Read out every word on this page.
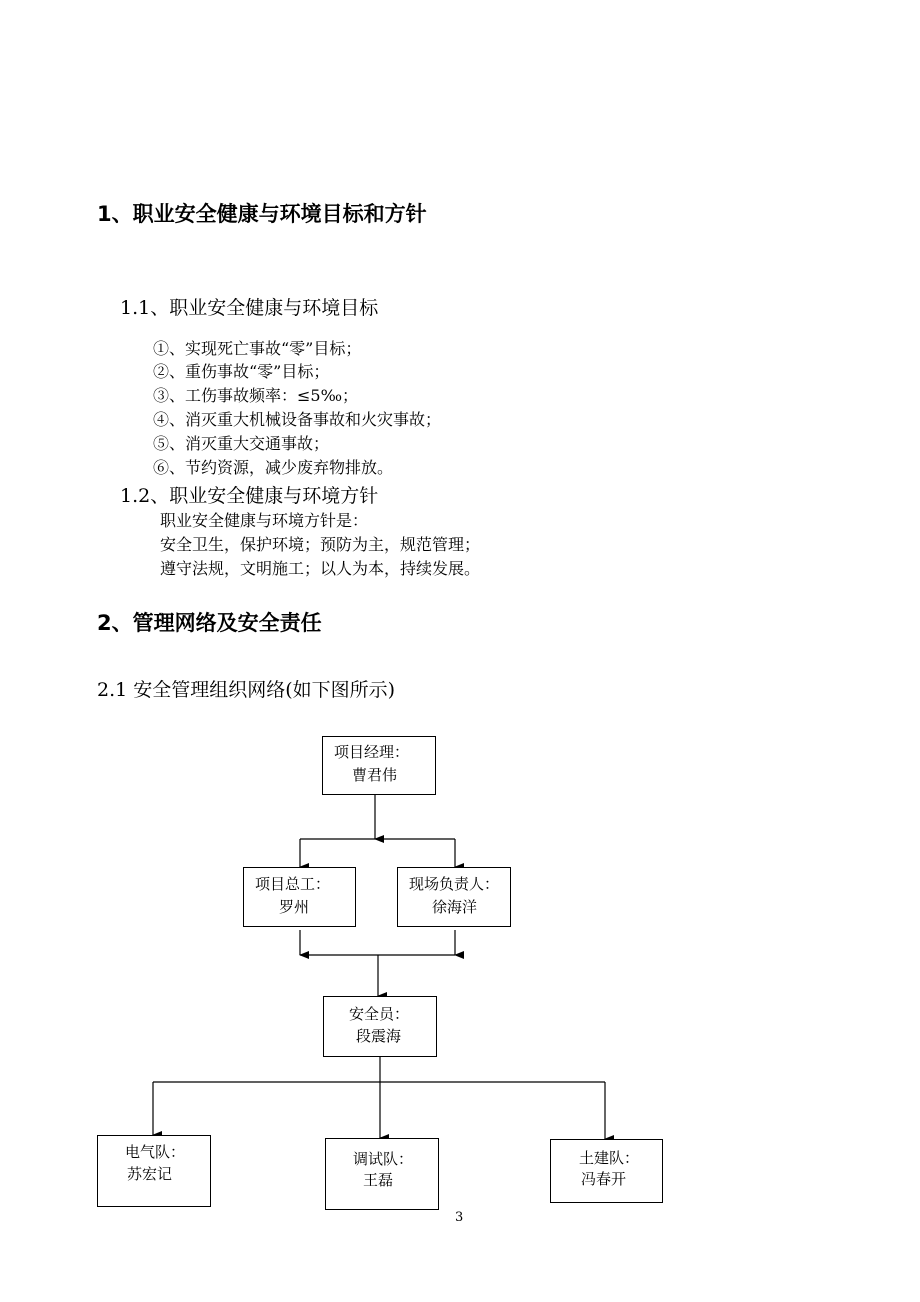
1、职业安全健康与环境目标和方针
1.1、职业安全健康与环境目标
①、实现死亡事故“零”目标；
②、重伤事故“零”目标；
③、工伤事故频率：≤5‰；
④、消灭重大机械设备事故和火灾事故；
⑤、消灭重大交通事故；
⑥、节约资源，减少废弃物排放。
1.2、职业安全健康与环境方针
职业安全健康与环境方针是：
安全卫生，保护环境；预防为主，规范管理；
遵守法规，文明施工；以人为本，持续发展。
2、管理网络及安全责任
2.1 安全管理组织网络(如下图所示)
项目经理：
曹君伟
项目总工：
罗州
现场负责人：
徐海洋
安全员：
段震海
电气队：
苏宏记
调试队：
王磊
土建队：
冯春开
3
